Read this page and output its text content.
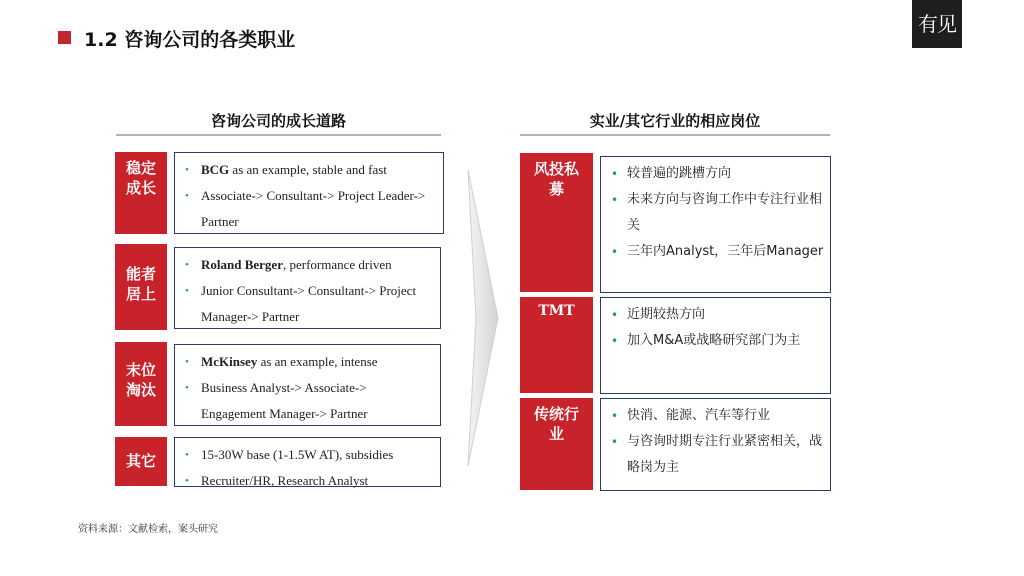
1.2 咨询公司的各类职业
有见
咨询公司的成长道路
稳定成长
• BCG as an example, stable and fast
• Associate-> Consultant-> Project Leader-> Partner
能者居上
• Roland Berger, performance driven
• Junior Consultant-> Consultant-> Project Manager-> Partner
末位淘汰
• McKinsey as an example, intense
• Business Analyst-> Associate-> Engagement Manager-> Partner
其它	• 15-30W base (1-1.5W AT), subsidies
• Recruiter/HR, Research Analyst
实业/其它行业的相应岗位
风投私募
• 较普遍的跳槽方向
• 未来方向与咨询工作中专注行业相关
• 三年内Analyst，三年后Manager
TMT	• 近期较热方向
• 加入M&A或战略研究部门为主
传统行业
• 快消、能源、汽车等行业
• 与咨询时期专注行业紧密相关，战略岗为主
资料来源：文献检索，案头研究
